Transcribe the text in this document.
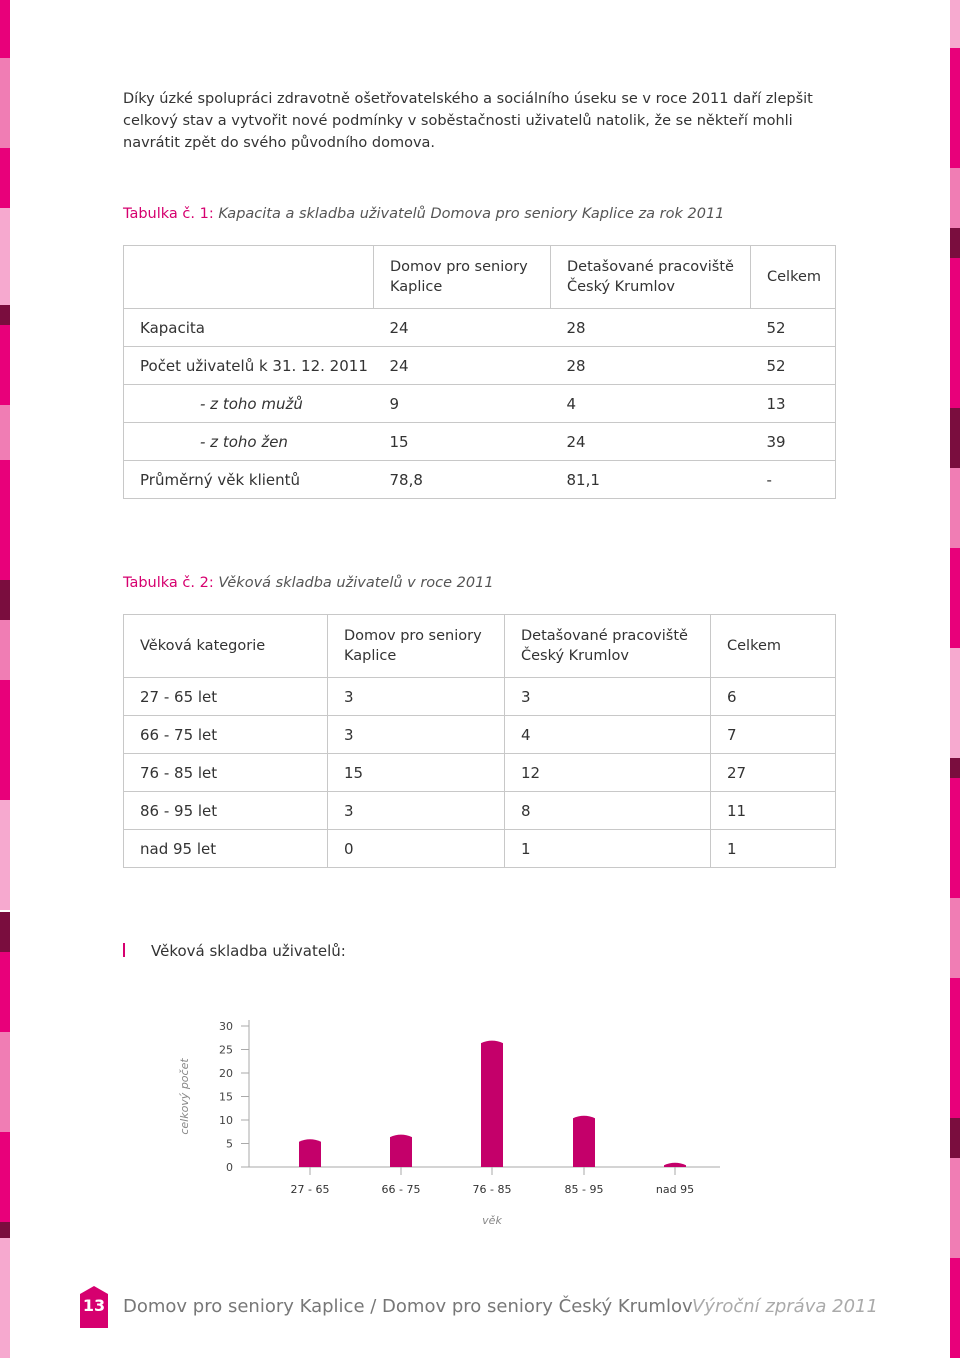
Díky úzké spolupráci zdravotně ošetřovatelského a sociálního úseku se v roce 2011 daří zlepšit celkový stav a vytvořit nové podmínky v soběstačnosti uživatelů natolik, že se někteří mohli navrátit zpět do svého původního domova.
Tabulka č. 1: Kapacita a skladba uživatelů Domova pro seniory Kaplice za rok 2011
	Domov pro seniory Kaplice	Detašované pracoviště Český Krumlov	Celkem
Kapacita	24	28	52
Počet uživatelů k 31. 12. 2011	24	28	52
- z toho mužů	9	4	13
- z toho žen	15	24	39
Průměrný věk klientů	78,8	81,1	-
Tabulka č. 2: Věková skladba uživatelů v roce 2011
Věková kategorie	Domov pro seniory Kaplice	Detašované pracoviště Český Krumlov	Celkem
27 - 65 let	3	3	6
66 - 75 let	3	4	7
76 - 85 let	15	12	27
86 - 95 let	3	8	11
nad 95 let	0	1	1
Věková skladba uživatelů:
0
5
10
15
20
25
30
celkový počet
27 - 65	66 - 75	76 - 85	85 - 95	nad 95
věk
13 Domov pro seniory Kaplice / Domov pro seniory Český Krumlov Výroční zpráva 2011
